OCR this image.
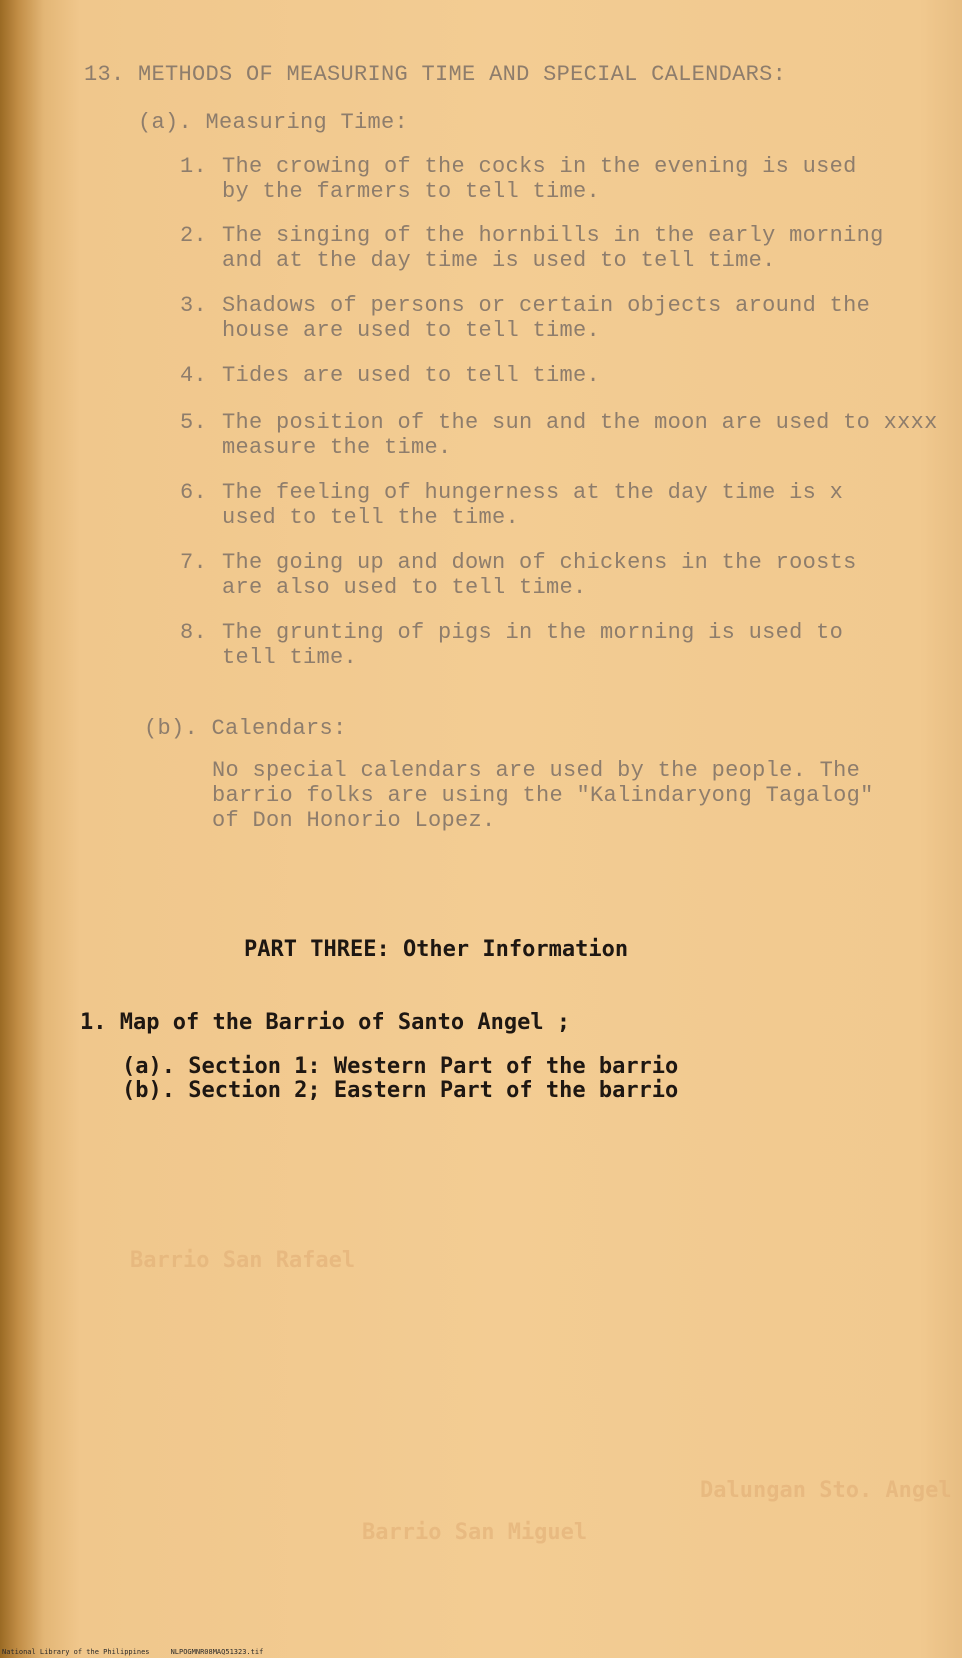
Barrio San Rafael
Dalungan Sto. Angel
Barrio San Miguel
13. METHODS OF MEASURING TIME AND SPECIAL CALENDARS:
(a). Measuring Time:
1. The crowing of the cocks in the evening is used
by the farmers to tell time.
2. The singing of the hornbills in the early morning
and at the day time is used to tell time.
3. Shadows of persons or certain objects around the
house are used to tell time.
4. Tides are used to tell time.
5. The position of the sun and the moon are used to xxxx
measure the time.
6. The feeling of hungerness at the day time is x
used to tell the time.
7. The going up and down of chickens in the roosts
are also used to tell time.
8. The grunting of pigs in the morning is used to
tell time.
(b). Calendars:
No special calendars are used by the people. The
barrio folks are using the "Kalindaryong Tagalog"
of Don Honorio Lopez.
PART THREE: Other Information
1. Map of the Barrio of Santo Angel ;
(a). Section 1: Western Part of the barrio
(b). Section 2; Eastern Part of the barrio
National Library of the Philippines     NLPOGMNR08MAQ51323.tif
